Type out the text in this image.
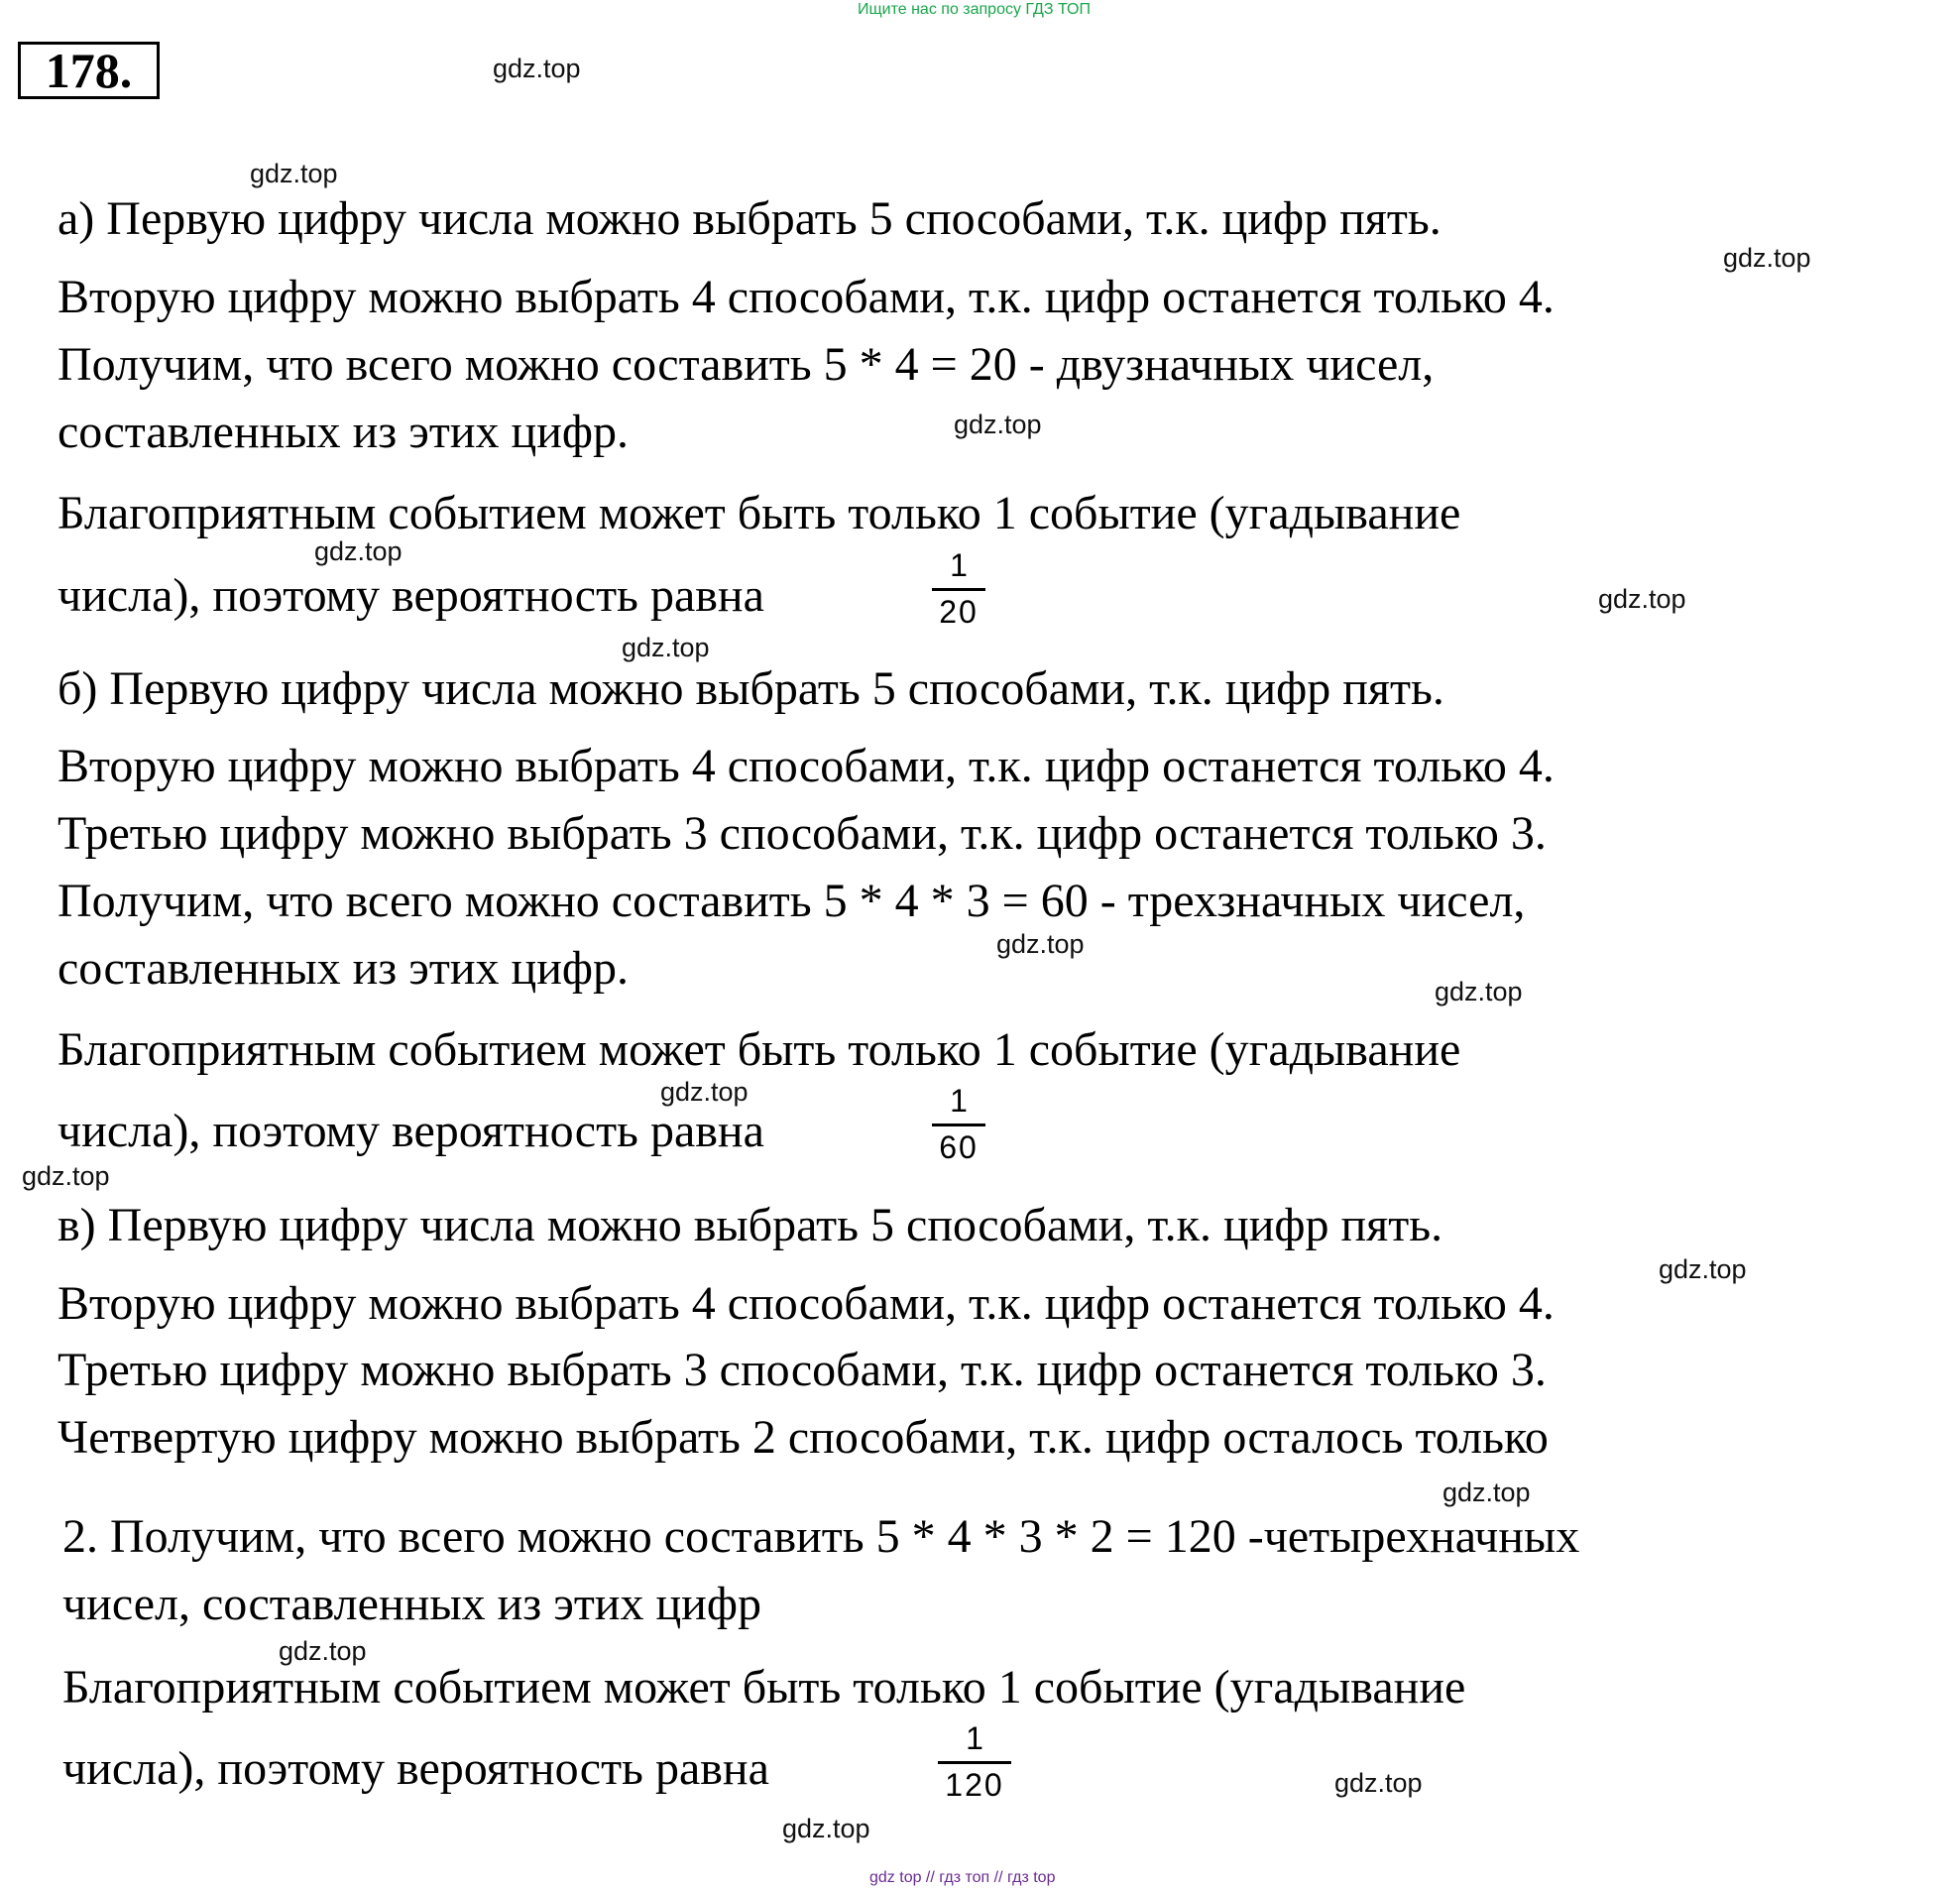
Ищите нас по запросу ГДЗ ТОП
178.	gdz.top
gdz.top
gdz.top
gdz.top
gdz.top
gdz.top
gdz.top
gdz.top
gdz.top
gdz.top
gdz.top
gdz.top
gdz.top
gdz.top
gdz.top
gdz.top
а) Первую цифру числа можно выбрать 5 способами, т.к. цифр пять.
Вторую цифру можно выбрать 4 способами, т.к. цифр останется только 4.
Получим, что всего можно составить 5 * 4 = 20 - двузначных чисел,
составленных из этих цифр.
Благоприятным событием может быть только 1 событие (угадывание
числа), поэтому вероятность равна
1
20
б) Первую цифру числа можно выбрать 5 способами, т.к. цифр пять.
Вторую цифру можно выбрать 4 способами, т.к. цифр останется только 4.
Третью цифру можно выбрать 3 способами, т.к. цифр останется только 3.
Получим, что всего можно составить 5 * 4 * 3 = 60 - трехзначных чисел,
составленных из этих цифр.
Благоприятным событием может быть только 1 событие (угадывание
числа), поэтому вероятность равна
1
60
в) Первую цифру числа можно выбрать 5 способами, т.к. цифр пять.
Вторую цифру можно выбрать 4 способами, т.к. цифр останется только 4.
Третью цифру можно выбрать 3 способами, т.к. цифр останется только 3.
Четвертую цифру можно выбрать 2 способами, т.к. цифр осталось только
2. Получим, что всего можно составить 5 * 4 * 3 * 2 = 120 -четырехначных
чисел, составленных из этих цифр
Благоприятным событием может быть только 1 событие (угадывание
числа), поэтому вероятность равна
1
120
gdz top // гдз топ // гдз top
